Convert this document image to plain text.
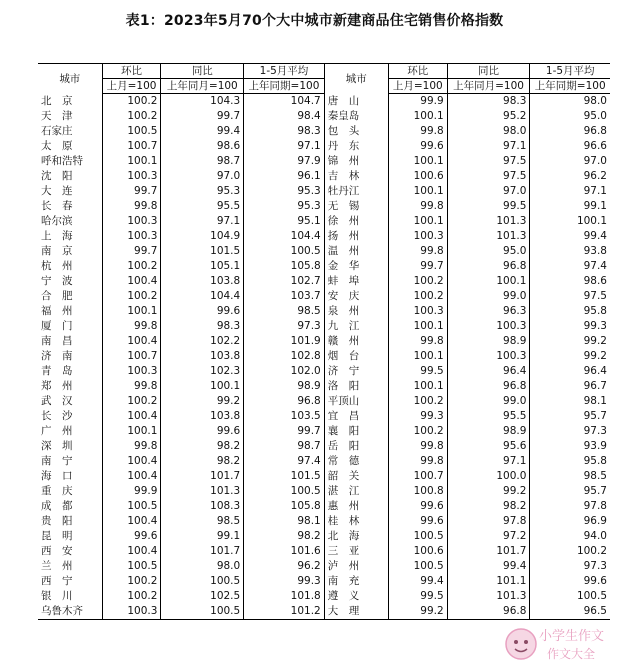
表1：2023年5月70个大中城市新建商品住宅销售价格指数
城市	环比	同比	1-5月平均	城市	环比	同比	1-5月平均
	上月=100	上年同月=100	上年同期=100		上月=100	上年同月=100	上年同期=100
北　京	100.2	104.3	104.7	唐　山	99.9	98.3	98.0
天　津	100.2	99.7	98.4	秦皇岛	100.1	95.2	95.0
石家庄	100.5	99.4	98.3	包　头	99.8	98.0	96.8
太　原	100.7	98.6	97.1	丹　东	99.6	97.1	96.6
呼和浩特	100.1	98.7	97.9	锦　州	100.1	97.5	97.0
沈　阳	100.3	97.0	96.1	吉　林	100.6	97.5	96.2
大　连	99.7	95.3	95.3	牡丹江	100.1	97.0	97.1
长　春	99.8	95.5	95.3	无　锡	99.8	99.5	99.1
哈尔滨	100.3	97.1	95.1	徐　州	100.1	101.3	100.1
上　海	100.3	104.9	104.4	扬　州	100.3	101.3	99.4
南　京	99.7	101.5	100.5	温　州	99.8	95.0	93.8
杭　州	100.2	105.1	105.8	金　华	99.7	96.8	97.4
宁　波	100.4	103.8	102.7	蚌　埠	100.2	100.1	98.6
合　肥	100.2	104.4	103.7	安　庆	100.2	99.0	97.5
福　州	100.1	99.6	98.5	泉　州	100.3	96.3	95.8
厦　门	99.8	98.3	97.3	九　江	100.1	100.3	99.3
南　昌	100.4	102.2	101.9	赣　州	99.8	98.9	99.2
济　南	100.7	103.8	102.8	烟　台	100.1	100.3	99.2
青　岛	100.3	102.3	102.0	济　宁	99.5	96.4	96.4
郑　州	99.8	100.1	98.9	洛　阳	100.1	96.8	96.7
武　汉	100.2	99.2	96.8	平顶山	100.2	99.0	98.1
长　沙	100.4	103.8	103.5	宜　昌	99.3	95.5	95.7
广　州	100.1	99.6	99.7	襄　阳	100.2	98.9	97.3
深　圳	99.8	98.2	98.7	岳　阳	99.8	95.6	93.9
南　宁	100.4	98.2	97.4	常　德	99.8	97.1	95.8
海　口	100.4	101.7	101.5	韶　关	100.7	100.0	98.5
重　庆	99.9	101.3	100.5	湛　江	100.8	99.2	95.7
成　都	100.5	108.3	105.8	惠　州	99.6	98.2	97.8
贵　阳	100.4	98.5	98.1	桂　林	99.6	97.8	96.9
昆　明	99.6	99.1	98.2	北　海	100.5	97.2	94.0
西　安	100.4	101.7	101.6	三　亚	100.6	101.7	100.2
兰　州	100.5	98.0	96.2	泸　州	100.5	99.4	97.3
西　宁	100.2	100.5	99.3	南　充	99.4	101.1	99.6
银　川	100.2	102.5	101.8	遵　义	99.5	101.3	100.5
乌鲁木齐	100.3	100.5	101.2	大　理	99.2	96.8	96.5
小学生作文
作文大全
